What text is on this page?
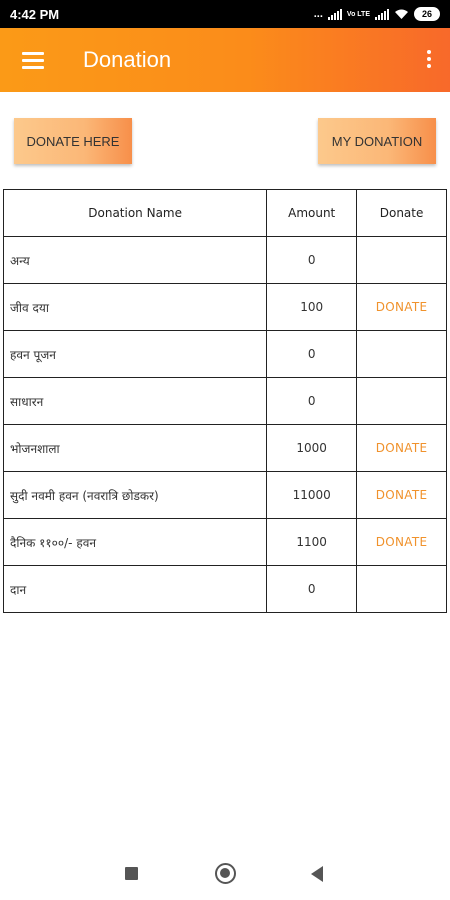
4:42 PM	...	Vo LTE	26
Donation
DONATE HERE	MY DONATION
Donation Name	Amount	Donate
अन्य	0	
जीव दया	100	DONATE
हवन पूजन	0	
साधारन	0	
भोजनशाला	1000	DONATE
सुदी नवमी हवन (नवरात्रि छोडकर)	11000	DONATE
दैनिक ११००/- हवन	1100	DONATE
दान	0	
